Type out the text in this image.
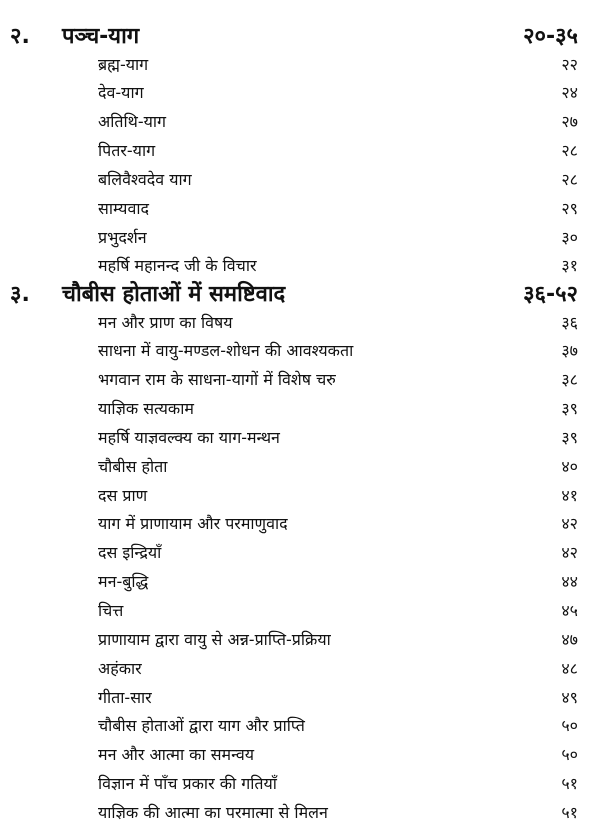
२. पञ्च-याग	२०-३५
ब्रह्म-याग	२२
देव-याग	२४
अतिथि-याग	२७
पितर-याग	२८
बलिवैश्वदेव याग	२८
साम्यवाद	२९
प्रभुदर्शन	३०
महर्षि महानन्द जी के विचार	३१
३. चौबीस होताओं में समष्टिवाद	३६-५२
मन और प्राण का विषय	३६
साधना में वायु-मण्डल-शोधन की आवश्यकता	३७
भगवान राम के साधना-यागों में विशेष चरु	३८
याज्ञिक सत्यकाम	३९
महर्षि याज्ञवल्क्य का याग-मन्थन	३९
चौबीस होता	४०
दस प्राण	४१
याग में प्राणायाम और परमाणुवाद	४२
दस इन्द्रियाँ	४२
मन-बुद्धि	४४
चित्त	४५
प्राणायाम द्वारा वायु से अन्न-प्राप्ति-प्रक्रिया	४७
अहंकार	४८
गीता-सार	४९
चौबीस होताओं द्वारा याग और प्राप्ति	५०
मन और आत्मा का समन्वय	५०
विज्ञान में पाँच प्रकार की गतियाँ	५१
याज्ञिक की आत्मा का परमात्मा से मिलन	५१
